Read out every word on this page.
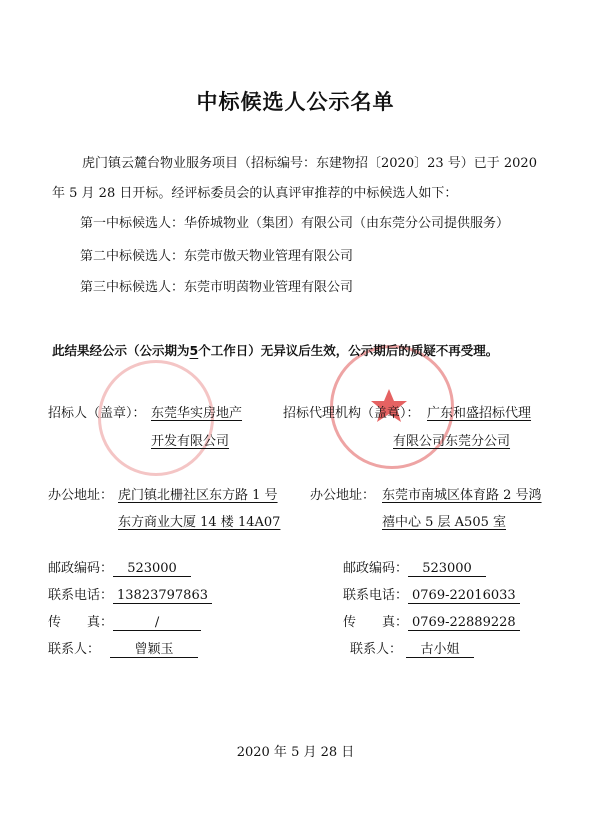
中标候选人公示名单
虎门镇云麓台物业服务项目（招标编号：东建物招〔2020〕23 号）已于 2020
年 5 月 28 日开标。经评标委员会的认真评审推荐的中标候选人如下：
第一中标候选人：华侨城物业（集团）有限公司（由东莞分公司提供服务）
第二中标候选人：东莞市傲天物业管理有限公司
第三中标候选人：东莞市明茵物业管理有限公司
此结果经公示（公示期为5个工作日）无异议后生效，公示期后的质疑不再受理。
招标人（盖章）： 东莞华实房地产
开发有限公司
招标代理机构（盖章）： 广东和盛招标代理
有限公司东莞分公司
办公地址： 虎门镇北栅社区东方路 1 号
东方商业大厦 14 楼 14A07
办公地址： 东莞市南城区体育路 2 号鸿
禧中心 5 层 A505 室
邮政编码： 523000
联系电话： 13823797863
传　　真：	/
联系人：	曾颖玉
邮政编码： 523000
联系电话： 0769-22016033
传　　真： 0769-22889228
联系人： 古小姐
2020 年 5 月 28 日
